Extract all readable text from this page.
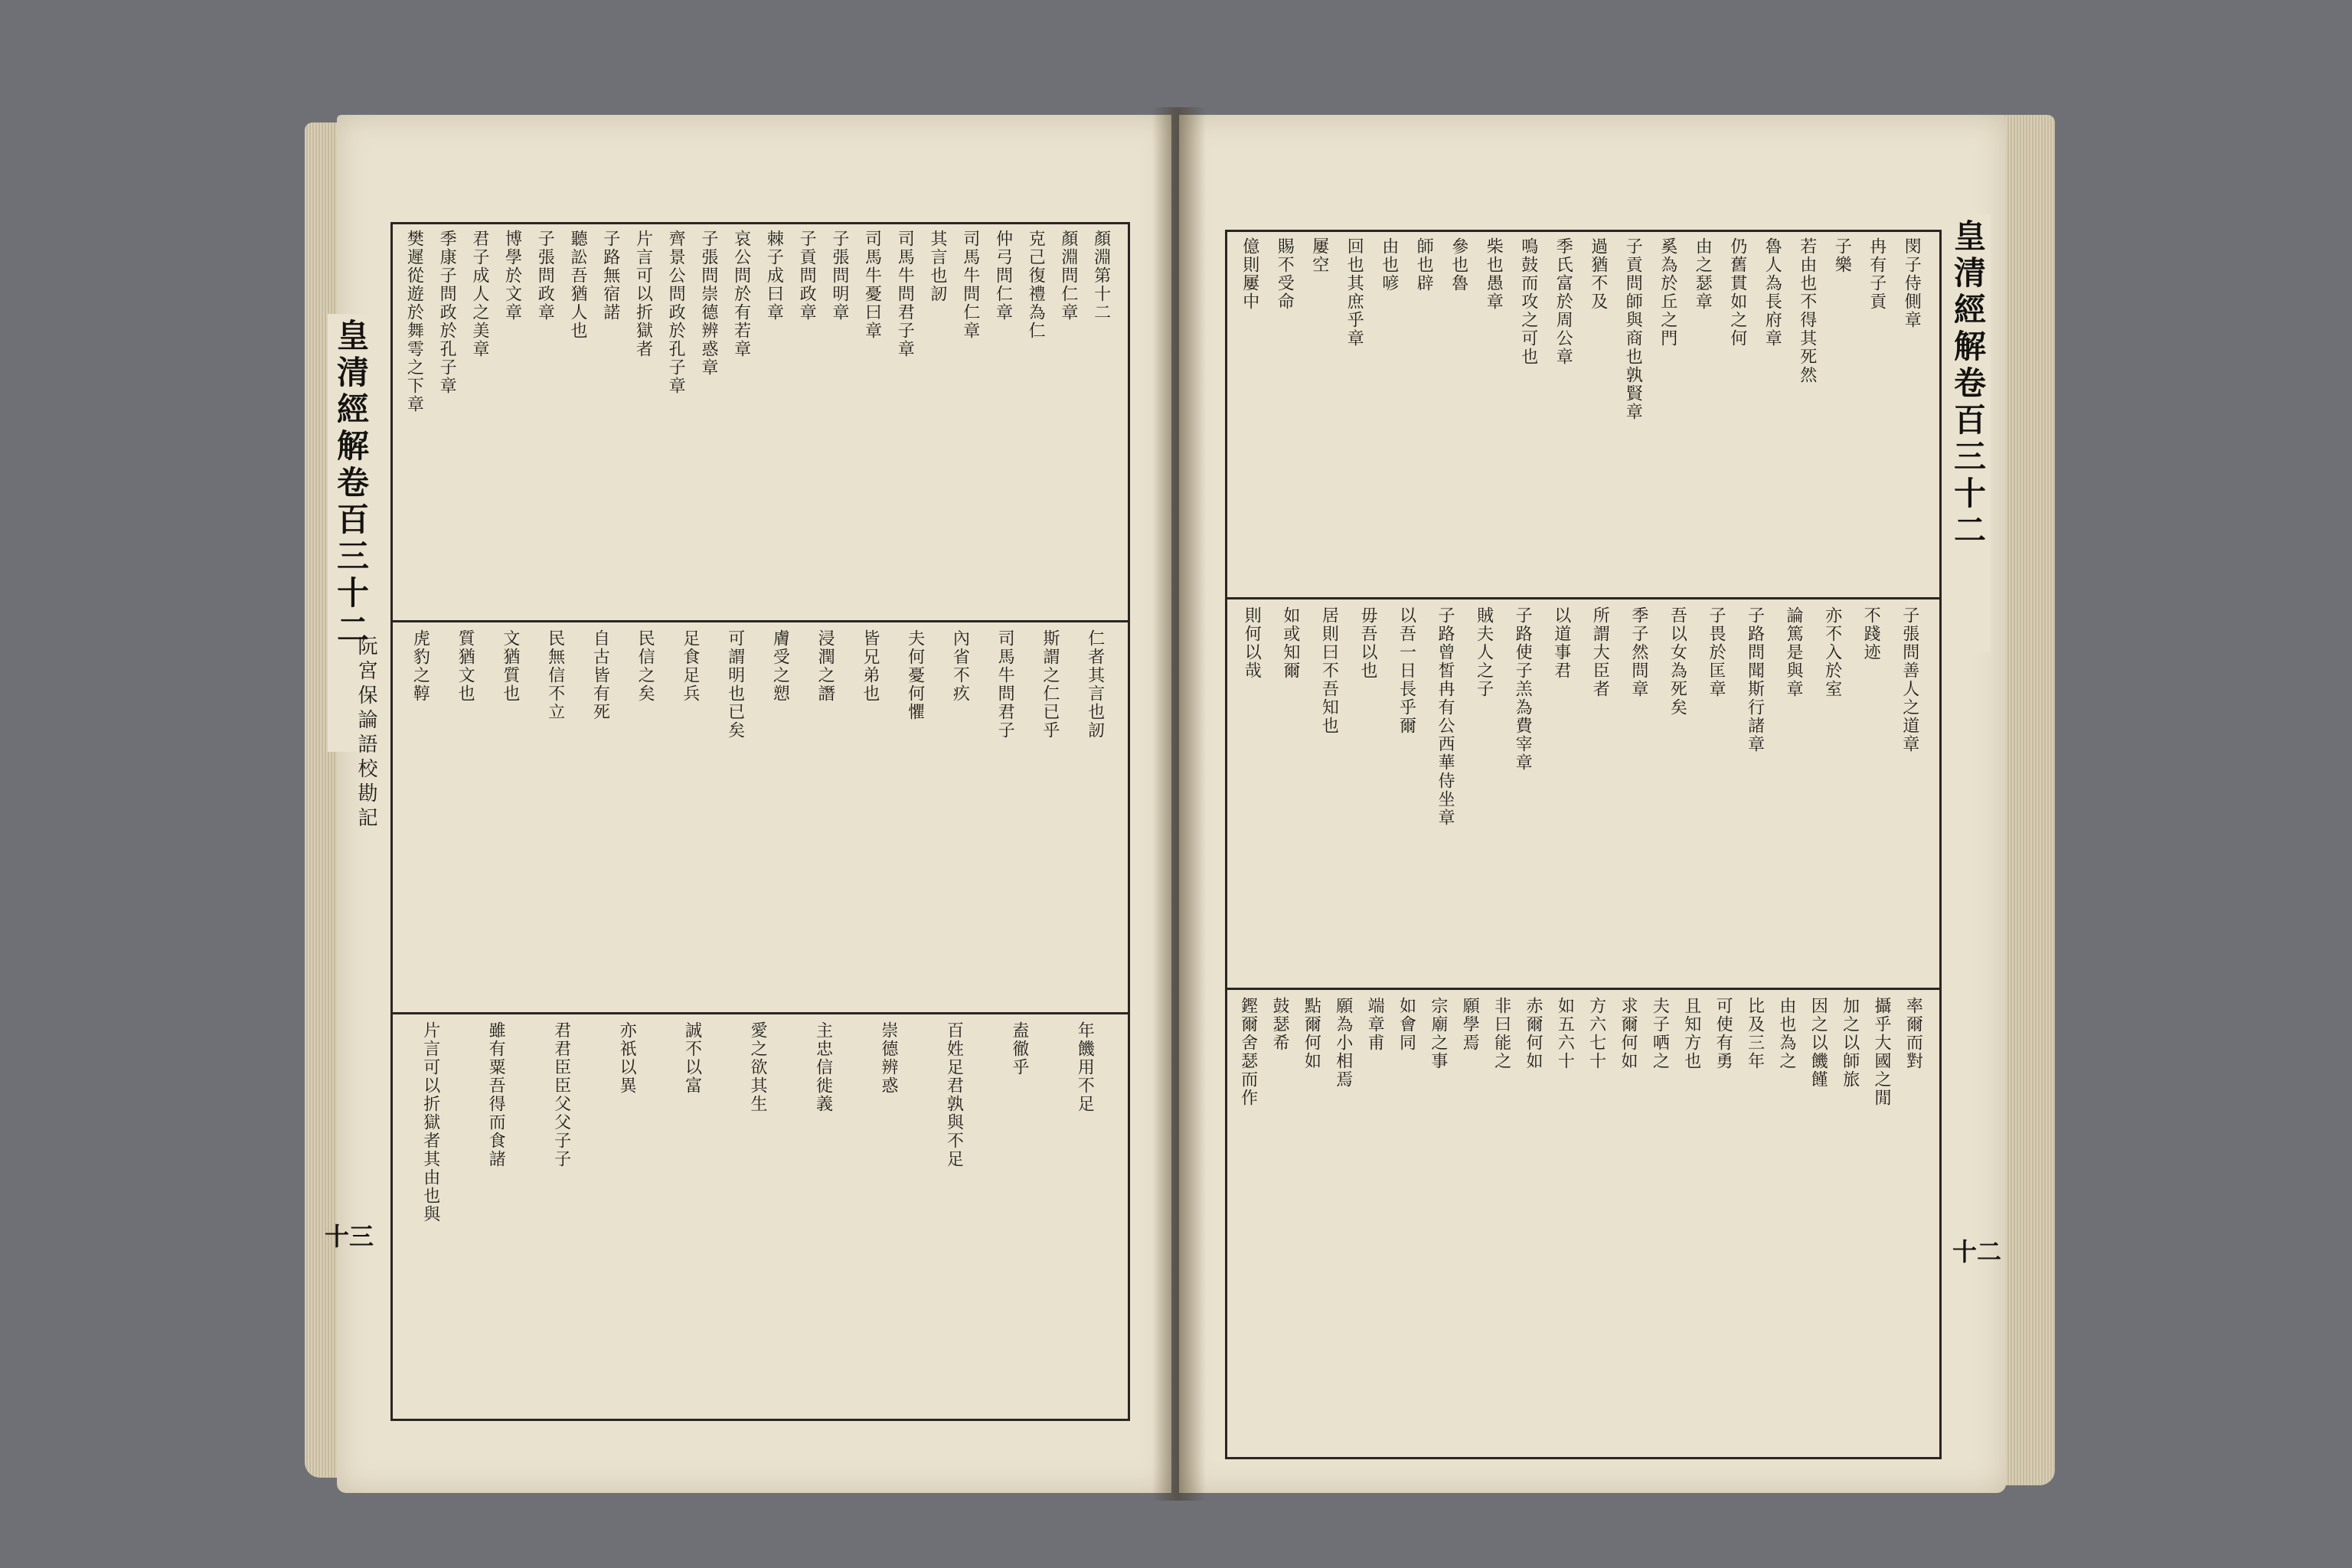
皇清經解卷百三十二
十三
阮宮保論語校勘記
顏淵第十二
顏淵問仁章
克己復禮為仁
仲弓問仁章
司馬牛問仁章
其言也訒
司馬牛問君子章
司馬牛憂曰章
子張問明章
子貢問政章
棘子成曰章
哀公問於有若章
子張問崇德辨惑章
齊景公問政於孔子章
片言可以折獄者
子路無宿諾
聽訟吾猶人也
子張問政章
博學於文章
君子成人之美章
季康子問政於孔子章
樊遲從遊於舞雩之下章
仁者其言也訒
斯謂之仁已乎
司馬牛問君子
內省不疚
夫何憂何懼
皆兄弟也
浸潤之譖
膚受之愬
可謂明也已矣
足食足兵
民信之矣
自古皆有死
民無信不立
文猶質也
質猶文也
虎豹之鞟
年饑用不足
盍徹乎
百姓足君孰與不足
崇德辨惑
主忠信徙義
愛之欲其生
誠不以富
亦祇以異
君君臣臣父父子子
雖有粟吾得而食諸
片言可以折獄者其由也與
皇清經解卷百三十二
十二
閔子侍側章
冉有子貢
子樂
若由也不得其死然
魯人為長府章
仍舊貫如之何
由之瑟章
奚為於丘之門
子貢問師與商也孰賢章
過猶不及
季氏富於周公章
鳴鼓而攻之可也
柴也愚章
參也魯
師也辟
由也喭
回也其庶乎章
屢空
賜不受命
億則屢中
子張問善人之道章
不踐迹
亦不入於室
論篤是與章
子路問聞斯行諸章
子畏於匡章
吾以女為死矣
季子然問章
所謂大臣者
以道事君
子路使子羔為費宰章
賊夫人之子
子路曾皙冉有公西華侍坐章
以吾一日長乎爾
毋吾以也
居則曰不吾知也
如或知爾
則何以哉
率爾而對
攝乎大國之閒
加之以師旅
因之以饑饉
由也為之
比及三年
可使有勇
且知方也
夫子哂之
求爾何如
方六七十
如五六十
赤爾何如
非曰能之
願學焉
宗廟之事
如會同
端章甫
願為小相焉
點爾何如
鼓瑟希
鏗爾舍瑟而作
